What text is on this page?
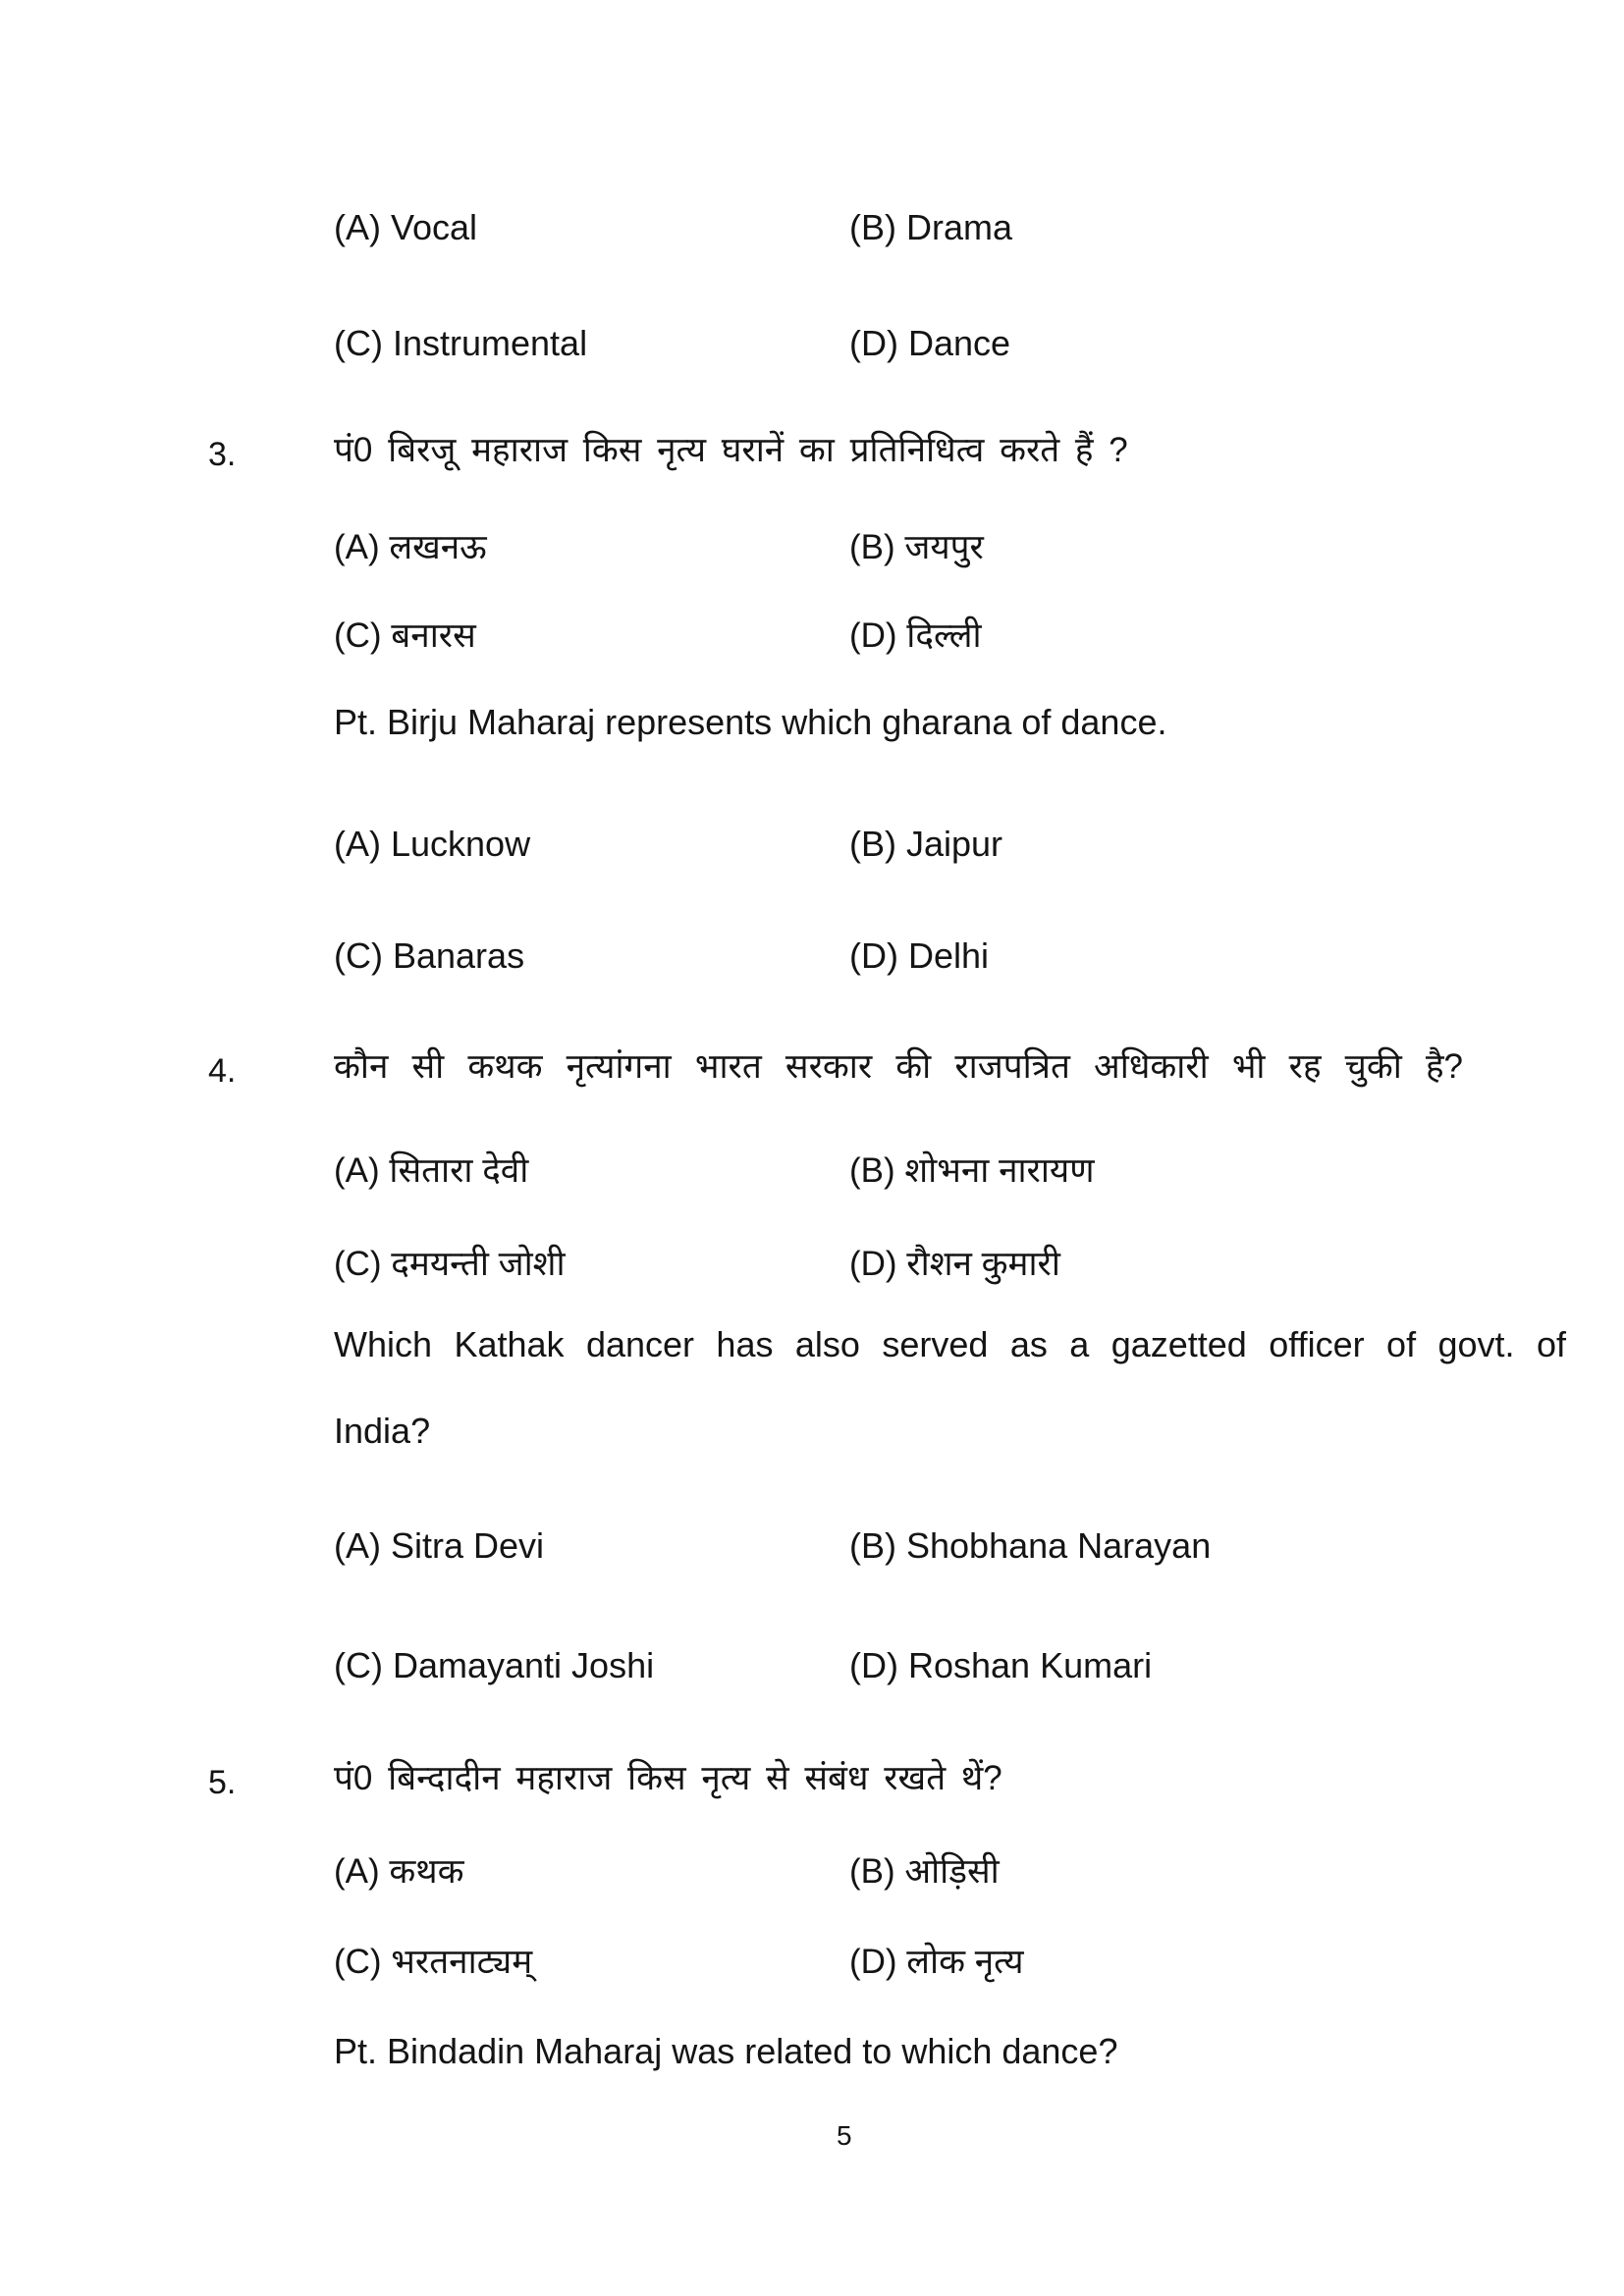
(A) Vocal	(B) Drama
(C) Instrumental	(D) Dance
3.	पं0 बिरजू महाराज किस नृत्य घरानें का प्रतिनिधित्व करते हैं ?
(A) लखनऊ	(B) जयपुर
(C) बनारस	(D) दिल्ली
Pt. Birju Maharaj represents which gharana of dance.
(A) Lucknow	(B) Jaipur
(C) Banaras	(D) Delhi
4.	कौन सी कथक नृत्यांगना भारत सरकार की राजपत्रित अधिकारी भी रह चुकी है?
(A) सितारा देवी	(B) शोभना नारायण
(C) दमयन्ती जोशी	(D) रौशन कुमारी
Which Kathak dancer has also served as a gazetted officer of govt. of
India?
(A) Sitra Devi	(B) Shobhana Narayan
(C) Damayanti Joshi	(D) Roshan Kumari
5.	पं0 बिन्दादीन महाराज किस नृत्य से संबंध रखते थें?
(A) कथक	(B) ओड़िसी
(C) भरतनाट्यम्	(D) लोक नृत्य
Pt. Bindadin Maharaj was related to which dance?
5
